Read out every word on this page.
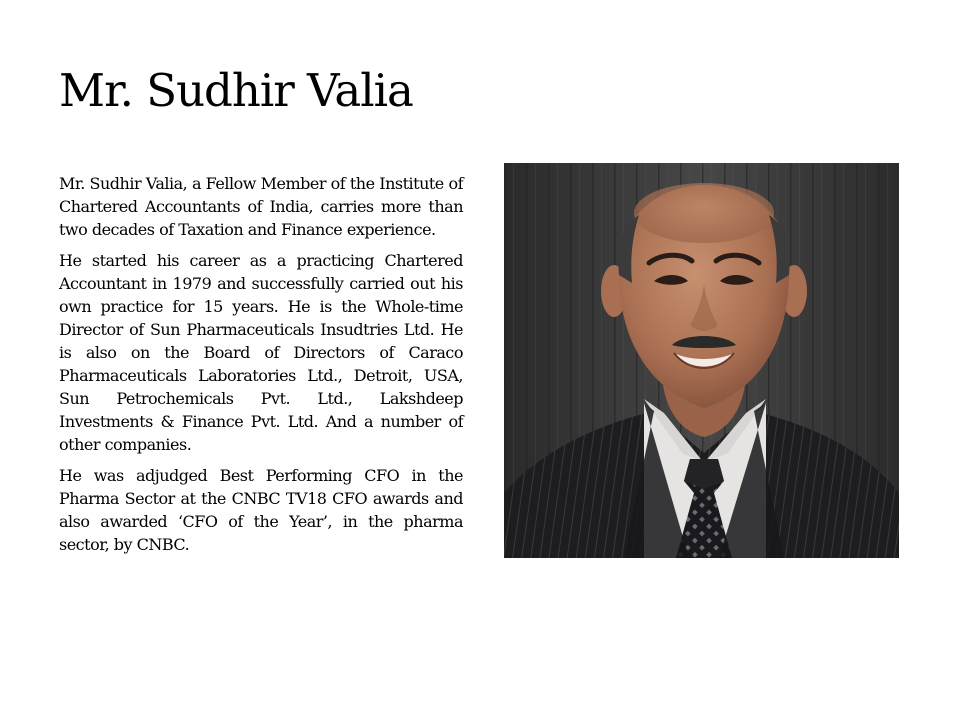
Mr. Sudhir Valia

Mr. Sudhir Valia, a Fellow Member of the Institute of Chartered Accountants of India, carries more than two decades of Taxation and Finance experience.

He started his career as a practicing Chartered Accountant in 1979 and successfully carried out his own practice for 15 years. He is the Whole-time Director of Sun Pharmaceuticals Insudtries Ltd. He is also on the Board of Directors of Caraco Pharmaceuticals Laboratories Ltd., Detroit, USA, Sun Petrochemicals Pvt. Ltd., Lakshdeep Investments & Finance Pvt. Ltd. And a number of other companies.

He was adjudged Best Performing CFO in the Pharma Sector at the CNBC TV18 CFO awards and also awarded ‘CFO of the Year’, in the pharma sector, by CNBC.
